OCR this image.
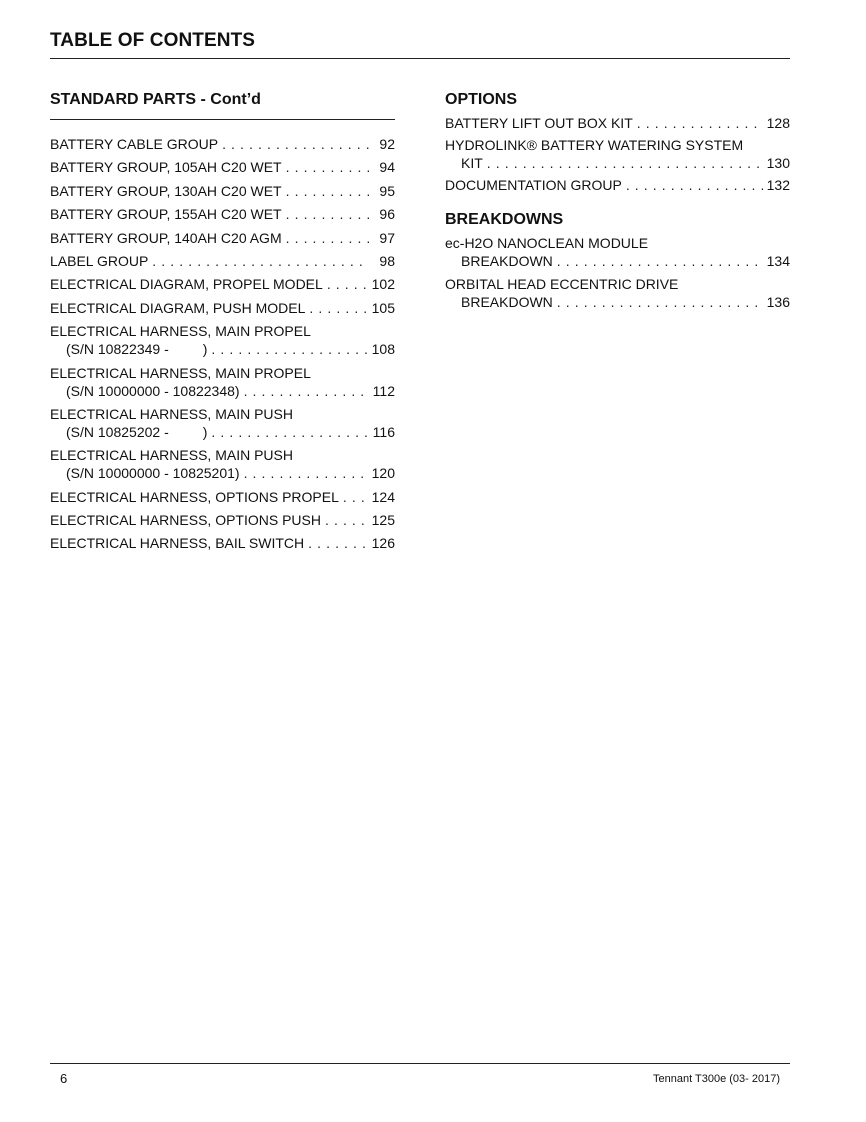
TABLE OF CONTENTS
STANDARD PARTS - Cont’d
BATTERY CABLE GROUP . . .	92
BATTERY GROUP, 105AH C20 WET . . .	94
BATTERY GROUP, 130AH C20 WET . . .	95
BATTERY GROUP, 155AH C20 WET . . .	96
BATTERY GROUP, 140AH C20 AGM . . .	97
LABEL GROUP . . .	98
ELECTRICAL DIAGRAM, PROPEL MODEL . . .	102
ELECTRICAL DIAGRAM, PUSH MODEL . . .	105
ELECTRICAL HARNESS, MAIN PROPEL
(S/N 10822349 - ) . . .	108
ELECTRICAL HARNESS, MAIN PROPEL
(S/N 10000000 - 10822348) . . .	112
ELECTRICAL HARNESS, MAIN PUSH
(S/N 10825202 - ) . . .	116
ELECTRICAL HARNESS, MAIN PUSH
(S/N 10000000 - 10825201) . . .	120
ELECTRICAL HARNESS, OPTIONS PROPEL . . . 124
ELECTRICAL HARNESS, OPTIONS PUSH . . .	125
ELECTRICAL HARNESS, BAIL SWITCH . . .	126
OPTIONS
BATTERY LIFT OUT BOX KIT . . .	128
HYDROLINK® BATTERY WATERING SYSTEM
KIT . . .	130
DOCUMENTATION GROUP . . .	132
BREAKDOWNS
ec-H2O NANOCLEAN MODULE
BREAKDOWN . . .	134
ORBITAL HEAD ECCENTRIC DRIVE
BREAKDOWN . . .	136
6	Tennant T300e (03- 2017)
